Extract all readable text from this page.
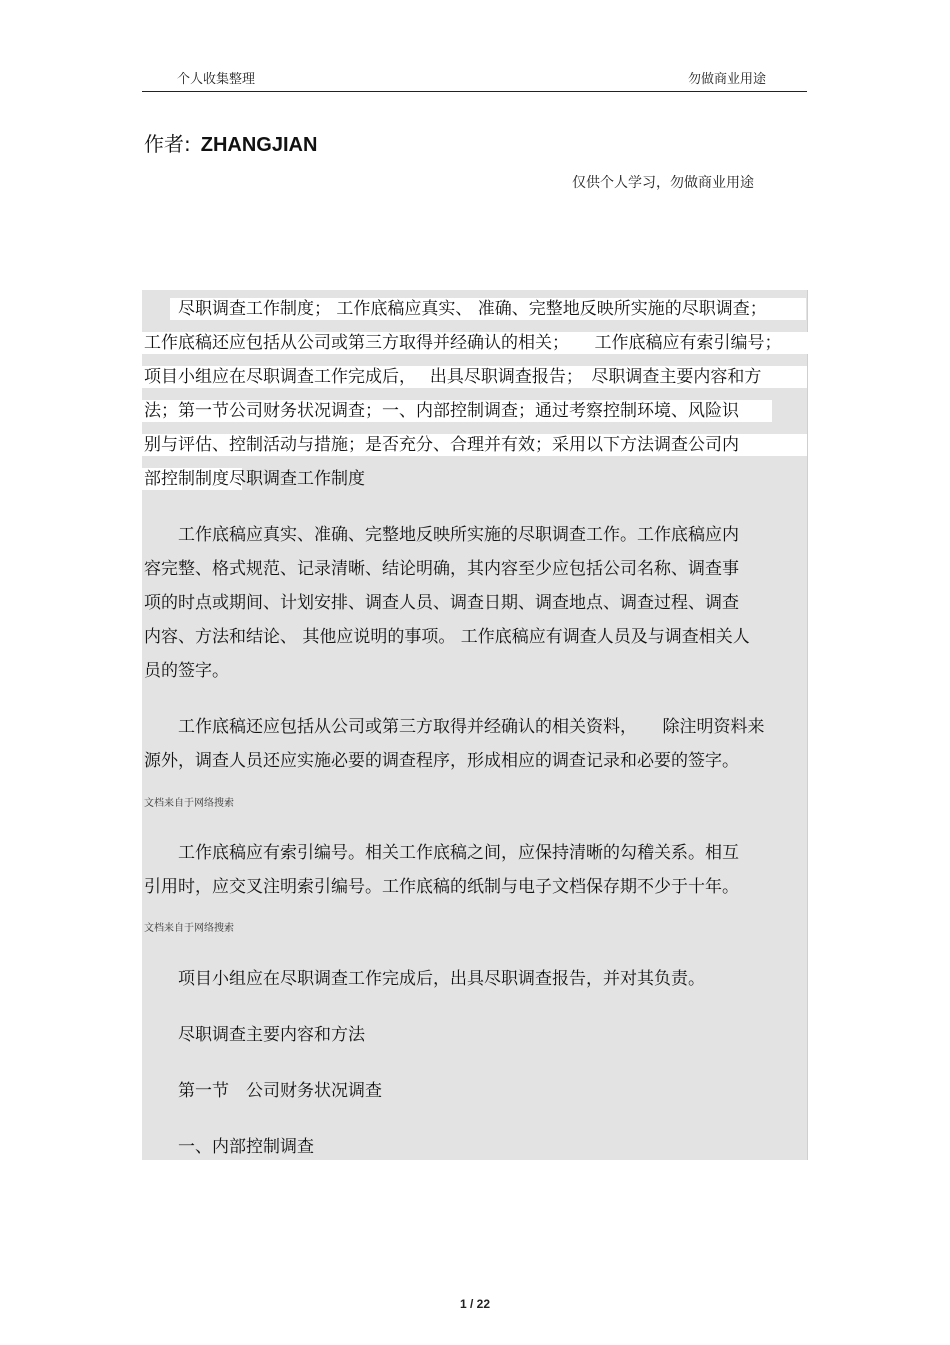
个人收集整理	勿做商业用途
作者: ZHANGJIAN
仅供个人学习，勿做商业用途
尽职调查工作制度； 工作底稿应真实、 准确、完整地反映所实施的尽职调查；
工作底稿还应包括从公司或第三方取得并经确认的相关；　　工作底稿应有索引编号；
项目小组应在尽职调查工作完成后，　 出具尽职调查报告；　尽职调查主要内容和方
法；第一节公司财务状况调查；一、内部控制调查；通过考察控制环境、风险识
别与评估、控制活动与措施；是否充分、合理并有效；采用以下方法调查公司内
部控制制度尽职调查工作制度
工作底稿应真实、准确、完整地反映所实施的尽职调查工作。工作底稿应内
容完整、格式规范、记录清晰、结论明确，其内容至少应包括公司名称、调查事
项的时点或期间、计划安排、调查人员、调查日期、调查地点、调查过程、调查
内容、方法和结论、 其他应说明的事项。 工作底稿应有调查人员及与调查相关人
员的签字。
工作底稿还应包括从公司或第三方取得并经确认的相关资料，　　除注明资料来
源外，调查人员还应实施必要的调查程序，形成相应的调查记录和必要的签字。
文档来自于网络搜索
工作底稿应有索引编号。相关工作底稿之间，应保持清晰的勾稽关系。相互
引用时，应交叉注明索引编号。工作底稿的纸制与电子文档保存期不少于十年。
文档来自于网络搜索
项目小组应在尽职调查工作完成后，出具尽职调查报告，并对其负责。
尽职调查主要内容和方法
第一节　公司财务状况调查
一、内部控制调查
1 / 22
